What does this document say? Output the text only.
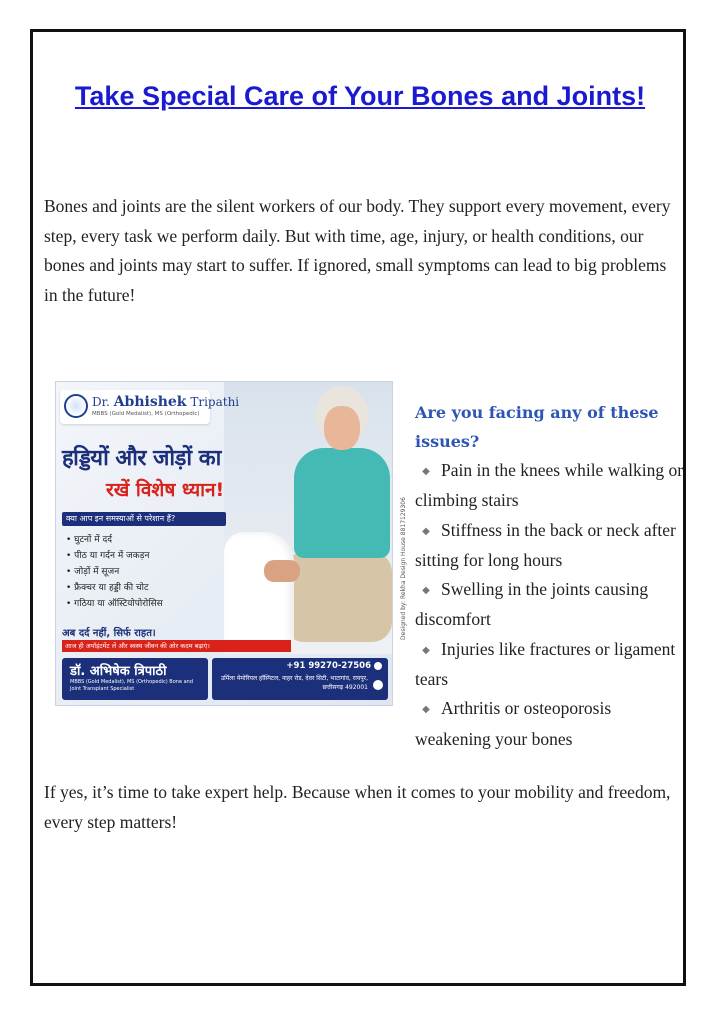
Take Special Care of Your Bones and Joints!
Bones and joints are the silent workers of our body. They support every movement, every step, every task we perform daily. But with time, age, injury, or health conditions, our bones and joints may start to suffer. If ignored, small symptoms can lead to big problems in the future!
Dr. Abhishek Tripathi
MBBS (Gold Medalist), MS (Orthopedic)
हड्डियों और जोड़ों का
रखें विशेष ध्यान!
क्या आप इन समस्याओं से परेशान हैं?
• घुटनों में दर्द
• पीठ या गर्दन में जकड़न
• जोड़ों में सूजन
• फ्रैक्चर या हड्डी की चोट
• गठिया या ऑस्टियोपोरोसिस
अब दर्द नहीं, सिर्फ राहत।
आज ही अपॉइंटमेंट लें और स्वस्थ जीवन की ओर कदम बढ़ाएं।
डॉ. अभिषेक त्रिपाठी
MBBS (Gold Medalist), MS (Orthopedic) Bone and Joint Transplant Specialist
+91 99270-27506
उर्मिला मेमोरियल हॉस्पिटल, नाहर रोड, देवर सिटी, भाटागांव, रायपुर, छत्तीसगढ़ 492001
Designed by: Rekha Design House 8817129306
Are you facing any of these issues?
◆ Pain in the knees while walking or climbing stairs
◆ Stiffness in the back or neck after sitting for long hours
◆ Swelling in the joints causing discomfort
◆ Injuries like fractures or ligament tears
◆ Arthritis or osteoporosis weakening your bones
If yes, it’s time to take expert help. Because when it comes to your mobility and freedom, every step matters!
